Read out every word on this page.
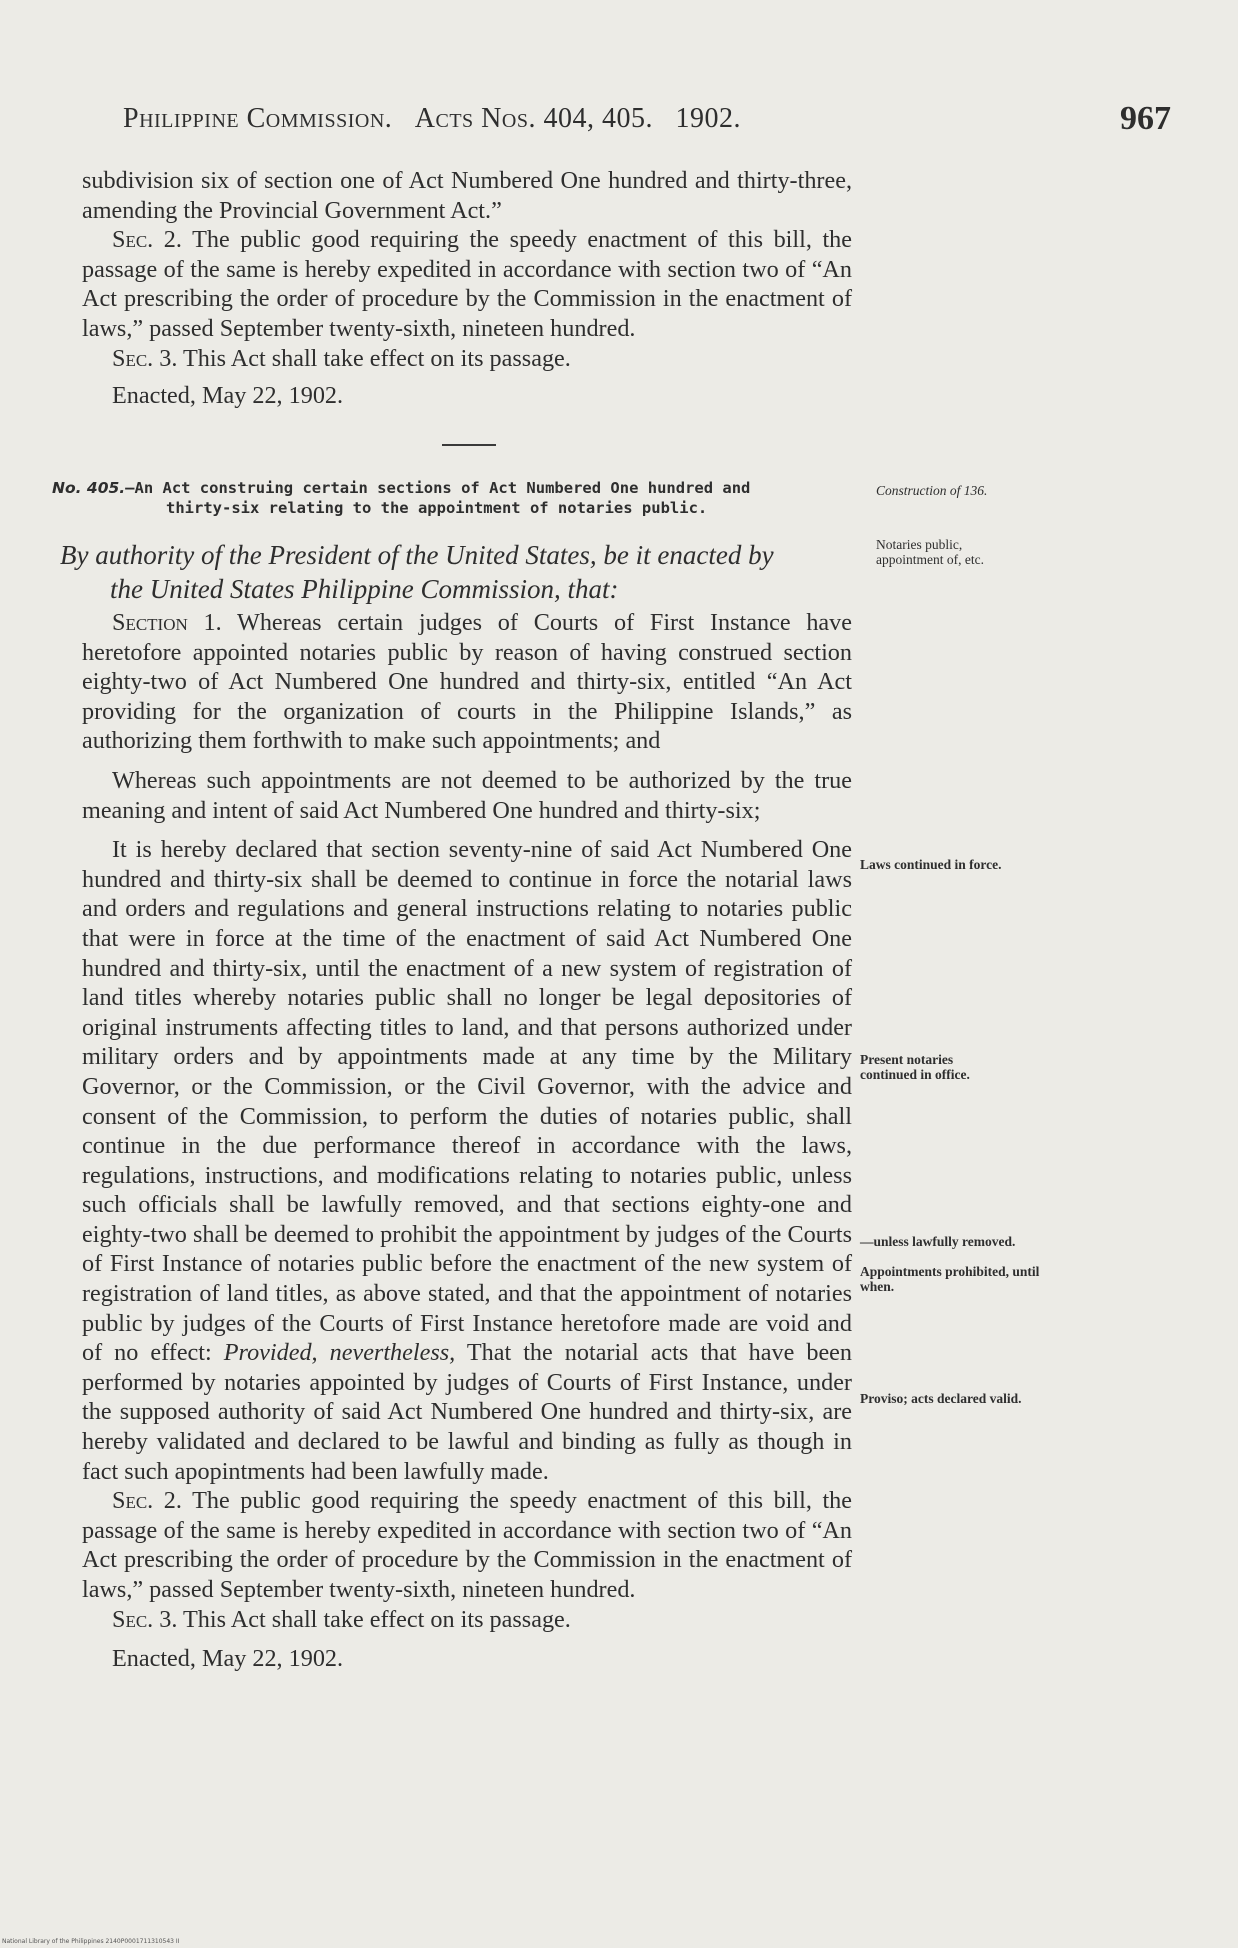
Philippine Commission. Acts Nos. 404, 405. 1902.	967

subdivision six of section one of Act Numbered One hundred and thirty-three, amending the Provincial Government Act.”

Sec. 2. The public good requiring the speedy enactment of this bill, the passage of the same is hereby expedited in accordance with section two of “An Act prescribing the order of procedure by the Commission in the enactment of laws,” passed September twenty-sixth, nineteen hundred.

Sec. 3. This Act shall take effect on its passage.

Enacted, May 22, 1902.

No. 405.—An Act construing certain sections of Act Numbered One hundred and
thirty-six relating to the appointment of notaries public.
By authority of the President of the United States, be it enacted by
the United States Philippine Commission, that:

Section 1. Whereas certain judges of Courts of First Instance have heretofore appointed notaries public by reason of having construed section eighty-two of Act Numbered One hundred and thirty-six, entitled “An Act providing for the organization of courts in the Philippine Islands,” as authorizing them forthwith to make such appointments; and

Whereas such appointments are not deemed to be authorized by the true meaning and intent of said Act Numbered One hundred and thirty-six;

It is hereby declared that section seventy-nine of said Act Numbered One hundred and thirty-six shall be deemed to continue in force the notarial laws and orders and regulations and general instructions relating to notaries public that were in force at the time of the enactment of said Act Numbered One hundred and thirty-six, until the enactment of a new system of registration of land titles whereby notaries public shall no longer be legal depositories of original instruments affecting titles to land, and that persons authorized under military orders and by appointments made at any time by the Military Governor, or the Commission, or the Civil Governor, with the advice and consent of the Commission, to perform the duties of notaries public, shall continue in the due performance thereof in accordance with the laws, regulations, instructions, and modifications relating to notaries public, unless such officials shall be lawfully removed, and that sections eighty-one and eighty-two shall be deemed to prohibit the appointment by judges of the Courts of First Instance of notaries public before the enactment of the new system of registration of land titles, as above stated, and that the appointment of notaries public by judges of the Courts of First Instance heretofore made are void and of no effect: Provided, nevertheless, That the notarial acts that have been performed by notaries appointed by judges of Courts of First Instance, under the supposed authority of said Act Numbered One hundred and thirty-six, are hereby validated and declared to be lawful and binding as fully as though in fact such apopintments had been lawfully made.

Sec. 2. The public good requiring the speedy enactment of this bill, the passage of the same is hereby expedited in accordance with section two of “An Act prescribing the order of procedure by the Commission in the enactment of laws,” passed September twenty-sixth, nineteen hundred.

Sec. 3. This Act shall take effect on its passage.

Enacted, May 22, 1902.

Construction of 136.
Notaries public, appointment of, etc.
Laws continued in force.
Present notaries continued in office.
—unless lawfully removed.
Appointments prohibited, until when.
Proviso; acts declared valid.
National Library of the Philippines 2140P0001711310543 II
